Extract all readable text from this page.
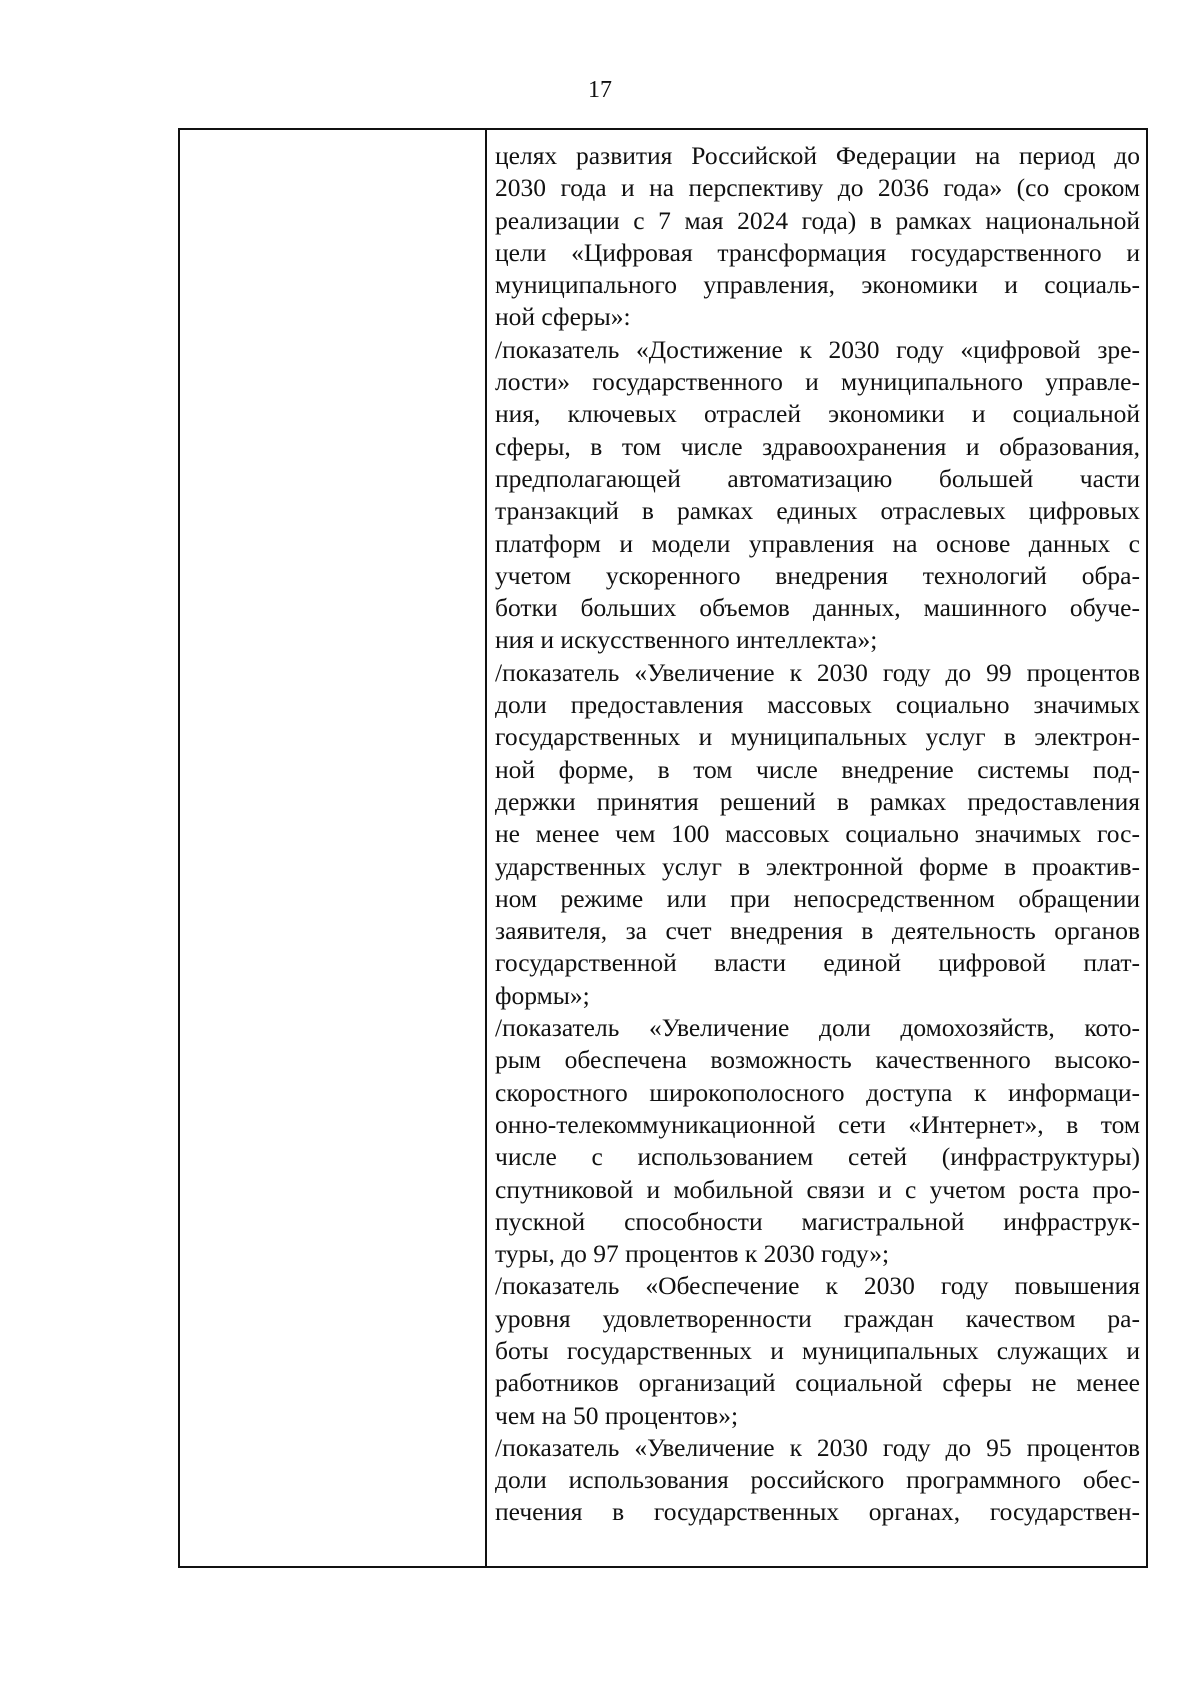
17
целях развития Российской Федерации на период до
2030 года и на перспективу до 2036 года» (со сроком
реализации с 7 мая 2024 года) в рамках национальной
цели «Цифровая трансформация государственного и
муниципального управления, экономики и социаль-
ной сферы»:
/показатель «Достижение к 2030 году «цифровой зре-
лости» государственного и муниципального управле-
ния, ключевых отраслей экономики и социальной
сферы, в том числе здравоохранения и образования,
предполагающей автоматизацию большей части
транзакций в рамках единых отраслевых цифровых
платформ и модели управления на основе данных с
учетом ускоренного внедрения технологий обра-
ботки больших объемов данных, машинного обуче-
ния и искусственного интеллекта»;
/показатель «Увеличение к 2030 году до 99 процентов
доли предоставления массовых социально значимых
государственных и муниципальных услуг в электрон-
ной форме, в том числе внедрение системы под-
держки принятия решений в рамках предоставления
не менее чем 100 массовых социально значимых гос-
ударственных услуг в электронной форме в проактив-
ном режиме или при непосредственном обращении
заявителя, за счет внедрения в деятельность органов
государственной власти единой цифровой плат-
формы»;
/показатель «Увеличение доли домохозяйств, кото-
рым обеспечена возможность качественного высоко-
скоростного широкополосного доступа к информаци-
онно-телекоммуникационной сети «Интернет», в том
числе с использованием сетей (инфраструктуры)
спутниковой и мобильной связи и с учетом роста про-
пускной способности магистральной инфраструк-
туры, до 97 процентов к 2030 году»;
/показатель «Обеспечение к 2030 году повышения
уровня удовлетворенности граждан качеством ра-
боты государственных и муниципальных служащих и
работников организаций социальной сферы не менее
чем на 50 процентов»;
/показатель «Увеличение к 2030 году до 95 процентов
доли использования российского программного обес-
печения в государственных органах, государствен-
